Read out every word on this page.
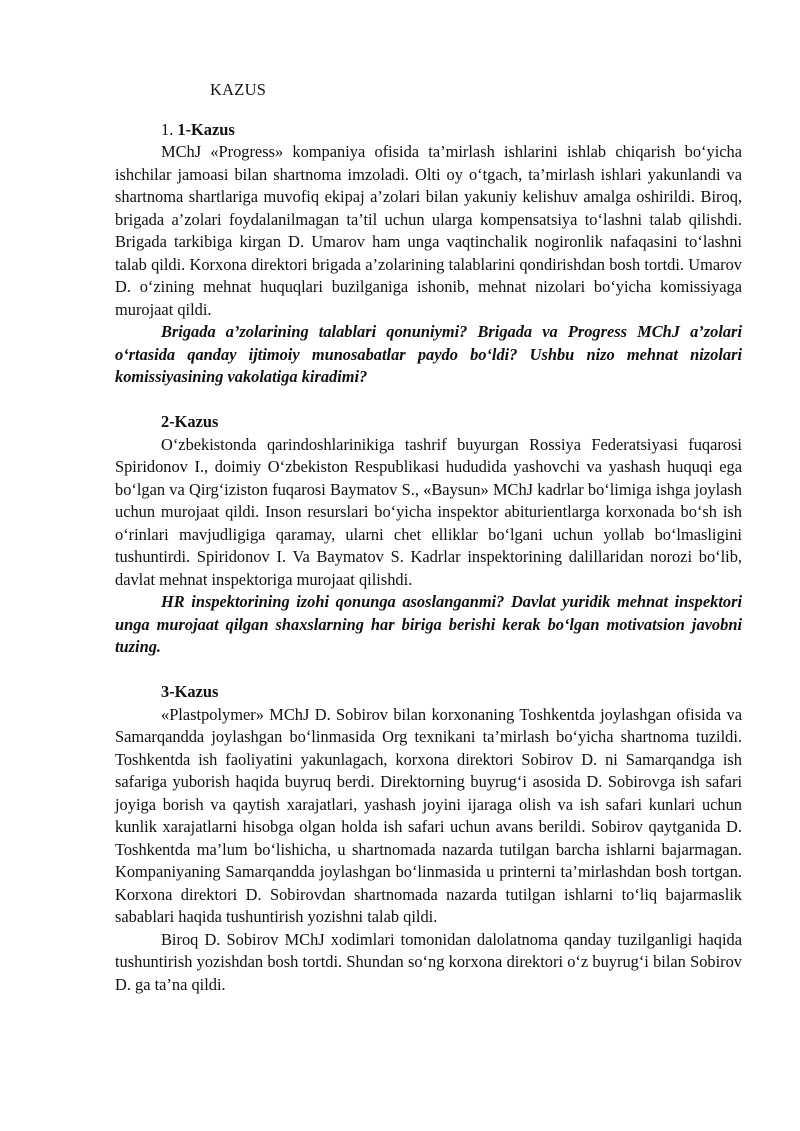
KAZUS

1. 1-Kazus

MChJ «Progress» kompaniya ofisida ta’mirlash ishlarini ishlab chiqarish bo‘yicha ishchilar jamoasi bilan shartnoma imzoladi. Olti oy o‘tgach, ta’mirlash ishlari yakunlandi va shartnoma shartlariga muvofiq ekipaj a’zolari bilan yakuniy kelishuv amalga oshirildi. Biroq, brigada a’zolari foydalanilmagan ta’til uchun ularga kompensatsiya to‘lashni talab qilishdi. Brigada tarkibiga kirgan D. Umarov ham unga vaqtinchalik nogironlik nafaqasini to‘lashni talab qildi. Korxona direktori brigada a’zolarining talablarini qondirishdan bosh tortdi. Umarov D. o‘zining mehnat huquqlari buzilganiga ishonib, mehnat nizolari bo‘yicha komissiyaga murojaat qildi.

Brigada a’zolarining talablari qonuniymi? Brigada va Progress MChJ a’zolari o‘rtasida qanday ijtimoiy munosabatlar paydo bo‘ldi? Ushbu nizo mehnat nizolari komissiyasining vakolatiga kiradimi?

2-Kazus

O‘zbekistonda qarindoshlarinikiga tashrif buyurgan Rossiya Federatsiyasi fuqarosi Spiridonov I., doimiy O‘zbekiston Respublikasi hududida yashovchi va yashash huquqi ega bo‘lgan va Qirg‘iziston fuqarosi Baymatov S., «Baysun» MChJ kadrlar bo‘limiga ishga joylash uchun murojaat qildi. Inson resurslari bo‘yicha inspektor abiturientlarga korxonada bo‘sh ish o‘rinlari mavjudligiga qaramay, ularni chet elliklar bo‘lgani uchun yollab bo‘lmasligini tushuntirdi. Spiridonov I. Va Baymatov S. Kadrlar inspektorining dalillaridan norozi bo‘lib, davlat mehnat inspektoriga murojaat qilishdi.

HR inspektorining izohi qonunga asoslanganmi? Davlat yuridik mehnat inspektori unga murojaat qilgan shaxslarning har biriga berishi kerak bo‘lgan motivatsion javobni tuzing.

3-Kazus

«Plastpolymer» MChJ D. Sobirov bilan korxonaning Toshkentda joylashgan ofisida va Samarqandda joylashgan bo‘linmasida Org texnikani ta’mirlash bo‘yicha shartnoma tuzildi. Toshkentda ish faoliyatini yakunlagach, korxona direktori Sobirov D. ni Samarqandga ish safariga yuborish haqida buyruq berdi. Direktorning buyrug‘i asosida D. Sobirovga ish safari joyiga borish va qaytish xarajatlari, yashash joyini ijaraga olish va ish safari kunlari uchun kunlik xarajatlarni hisobga olgan holda ish safari uchun avans berildi. Sobirov qaytganida D. Toshkentda ma’lum bo‘lishicha, u shartnomada nazarda tutilgan barcha ishlarni bajarmagan. Kompaniyaning Samarqandda joylashgan bo‘linmasida u printerni ta’mirlashdan bosh tortgan. Korxona direktori D. Sobirovdan shartnomada nazarda tutilgan ishlarni to‘liq bajarmaslik sabablari haqida tushuntirish yozishni talab qildi.

Biroq D. Sobirov MChJ xodimlari tomonidan dalolatnoma qanday tuzilganligi haqida tushuntirish yozishdan bosh tortdi. Shundan so‘ng korxona direktori o‘z buyrug‘i bilan Sobirov D. ga ta’na qildi.
